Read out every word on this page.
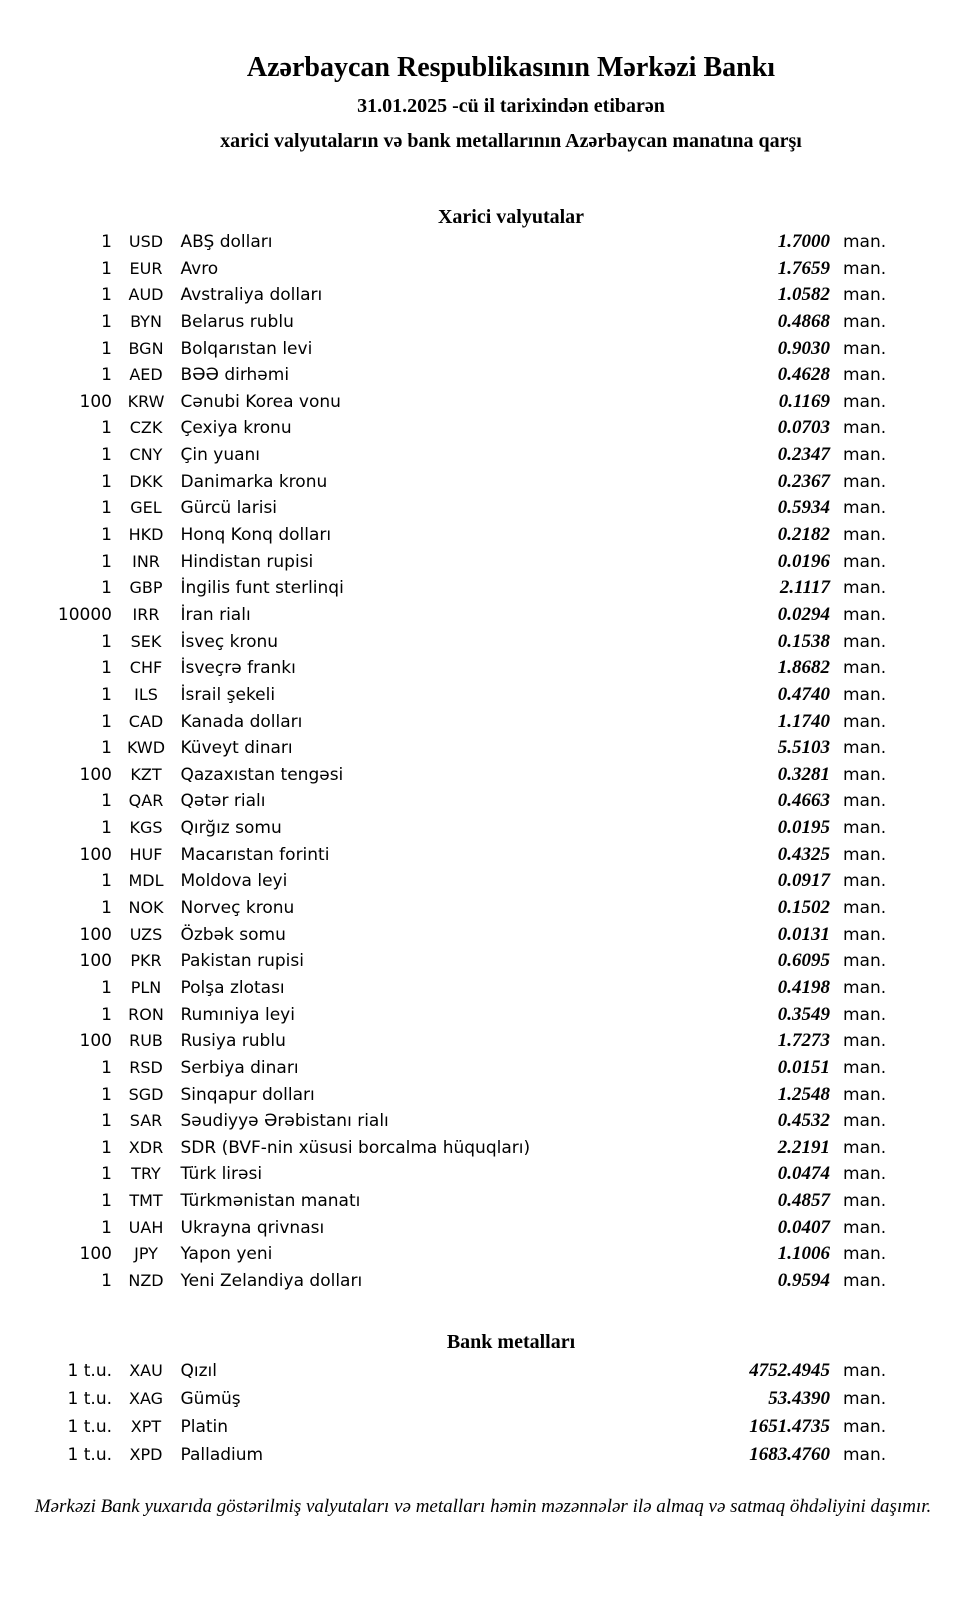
Azərbaycan Respublikasının Mərkəzi Bankı
31.01.2025 -cü il tarixindən etibarən
xarici valyutaların və bank metallarının Azərbaycan manatına qarşı
Xarici valyutalar
1	USD	ABŞ dolları	1.7000 man.
1	EUR	Avro	1.7659 man.
1	AUD	Avstraliya dolları	1.0582 man.
1	BYN	Belarus rublu	0.4868 man.
1	BGN Bolqarıstan levi	0.9030 man.
1	AED	BƏƏ dirhəmi	0.4628 man.
100 KRW Cənubi Korea vonu	0.1169 man.
1	CZK	Çexiya kronu	0.0703 man.
1	CNY	Çin yuanı	0.2347 man.
1	DKK	Danimarka kronu	0.2367 man.
1	GEL	Gürcü larisi	0.5934 man.
1	HKD	Honq Konq dolları	0.2182 man.
1	INR	Hindistan rupisi	0.0196 man.
1	GBP	İngilis funt sterlinqi	2.1117 man.
10000	IRR	İran rialı	0.0294 man.
1	SEK	İsveç kronu	0.1538 man.
1	CHF	İsveçrə frankı	1.8682 man.
1	ILS	İsrail şekeli	0.4740 man.
1	CAD	Kanada dolları	1.1740 man.
1 KWD Küveyt dinarı	5.5103 man.
100	KZT	Qazaxıstan tengəsi	0.3281 man.
1	QAR	Qətər rialı	0.4663 man.
1	KGS	Qırğız somu	0.0195 man.
100	HUF	Macarıstan forinti	0.4325 man.
1	MDL Moldova leyi	0.0917 man.
1	NOK Norveç kronu	0.1502 man.
100	UZS	Özbək somu	0.0131 man.
100	PKR	Pakistan rupisi	0.6095 man.
1	PLN	Polşa zlotası	0.4198 man.
1	RON Rumıniya leyi	0.3549 man.
100	RUB	Rusiya rublu	1.7273 man.
1	RSD	Serbiya dinarı	0.0151 man.
1	SGD	Sinqapur dolları	1.2548 man.
1	SAR	Səudiyyə Ərəbistanı rialı	0.4532 man.
1	XDR	SDR (BVF-nin xüsusi borcalma hüquqları)	2.2191 man.
1	TRY	Türk lirəsi	0.0474 man.
1	TMT	Türkmənistan manatı	0.4857 man.
1	UAH	Ukrayna qrivnası	0.0407 man.
100	JPY	Yapon yeni	1.1006 man.
1	NZD Yeni Zelandiya dolları	0.9594 man.
Bank metalları
1 t.u.	XAU	Qızıl	4752.4945 man.
1 t.u.	XAG	Gümüş	53.4390 man.
1 t.u.	XPT	Platin	1651.4735 man.
1 t.u.	XPD	Palladium	1683.4760 man.
Mərkəzi Bank yuxarıda göstərilmiş valyutaları və metalları həmin məzənnələr ilə almaq və satmaq öhdəliyini daşımır.
